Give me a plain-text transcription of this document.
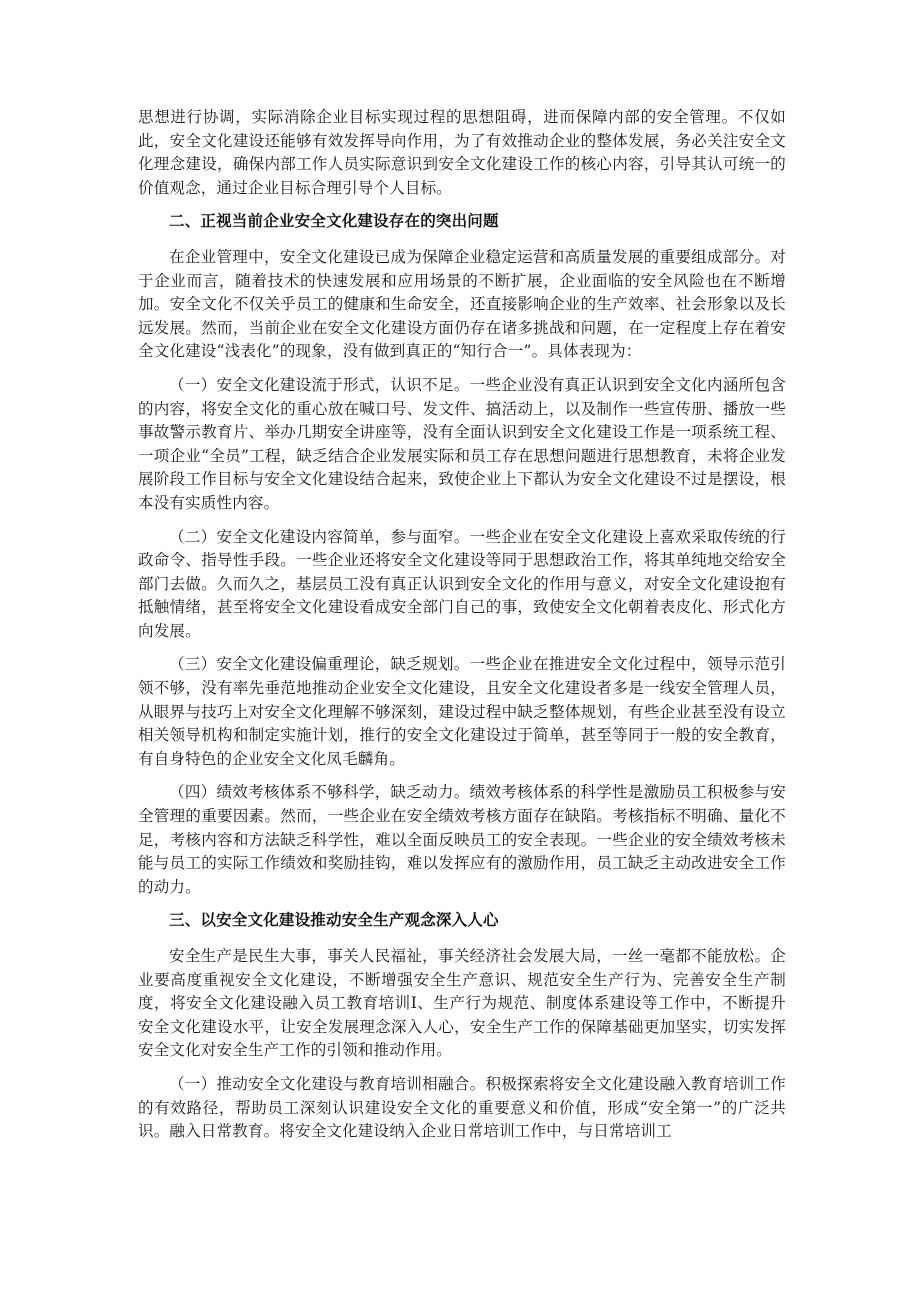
思想进行协调，实际消除企业目标实现过程的思想阻碍，进而保障内部的安全管理。不仅如此，安全文化建设还能够有效发挥导向作用，为了有效推动企业的整体发展，务必关注安全文化理念建设，确保内部工作人员实际意识到安全文化建设工作的核心内容，引导其认可统一的价值观念，通过企业目标合理引导个人目标。

二、正视当前企业安全文化建设存在的突出问题

在企业管理中，安全文化建设已成为保障企业稳定运营和高质量发展的重要组成部分。对于企业而言，随着技术的快速发展和应用场景的不断扩展，企业面临的安全风险也在不断增加。安全文化不仅关乎员工的健康和生命安全，还直接影响企业的生产效率、社会形象以及长远发展。然而，当前企业在安全文化建设方面仍存在诸多挑战和问题，在一定程度上存在着安全文化建设“浅表化”的现象，没有做到真正的“知行合一”。具体表现为：

（一）安全文化建设流于形式，认识不足。一些企业没有真正认识到安全文化内涵所包含的内容，将安全文化的重心放在喊口号、发文件、搞活动上，以及制作一些宣传册、播放一些事故警示教育片、举办几期安全讲座等，没有全面认识到安全文化建设工作是一项系统工程、一项企业“全员”工程，缺乏结合企业发展实际和员工存在思想问题进行思想教育，未将企业发展阶段工作目标与安全文化建设结合起来，致使企业上下都认为安全文化建设不过是摆设，根本没有实质性内容。

（二）安全文化建设内容简单，参与面窄。一些企业在安全文化建设上喜欢采取传统的行政命令、指导性手段。一些企业还将安全文化建设等同于思想政治工作，将其单纯地交给安全部门去做。久而久之，基层员工没有真正认识到安全文化的作用与意义，对安全文化建设抱有抵触情绪，甚至将安全文化建设看成安全部门自己的事，致使安全文化朝着表皮化、形式化方向发展。

（三）安全文化建设偏重理论，缺乏规划。一些企业在推进安全文化过程中，领导示范引领不够，没有率先垂范地推动企业安全文化建设，且安全文化建设者多是一线安全管理人员，从眼界与技巧上对安全文化理解不够深刻，建设过程中缺乏整体规划，有些企业甚至没有设立相关领导机构和制定实施计划，推行的安全文化建设过于简单，甚至等同于一般的安全教育，有自身特色的企业安全文化凤毛麟角。

（四）绩效考核体系不够科学，缺乏动力。绩效考核体系的科学性是激励员工积极参与安全管理的重要因素。然而，一些企业在安全绩效考核方面存在缺陷。考核指标不明确、量化不足，考核内容和方法缺乏科学性，难以全面反映员工的安全表现。一些企业的安全绩效考核未能与员工的实际工作绩效和奖励挂钩，难以发挥应有的激励作用，员工缺乏主动改进安全工作的动力。

三、以安全文化建设推动安全生产观念深入人心

安全生产是民生大事，事关人民福祉，事关经济社会发展大局，一丝一毫都不能放松。企业要高度重视安全文化建设，不断增强安全生产意识、规范安全生产行为、完善安全生产制度，将安全文化建设融入员工教育培训I、生产行为规范、制度体系建设等工作中，不断提升安全文化建设水平，让安全发展理念深入人心，安全生产工作的保障基础更加坚实，切实发挥安全文化对安全生产工作的引领和推动作用。

（一）推动安全文化建设与教育培训相融合。积极探索将安全文化建设融入教育培训工作的有效路径，帮助员工深刻认识建设安全文化的重要意义和价值，形成“安全第一”的广泛共识。融入日常教育。将安全文化建设纳入企业日常培训工作中，与日常培训工
